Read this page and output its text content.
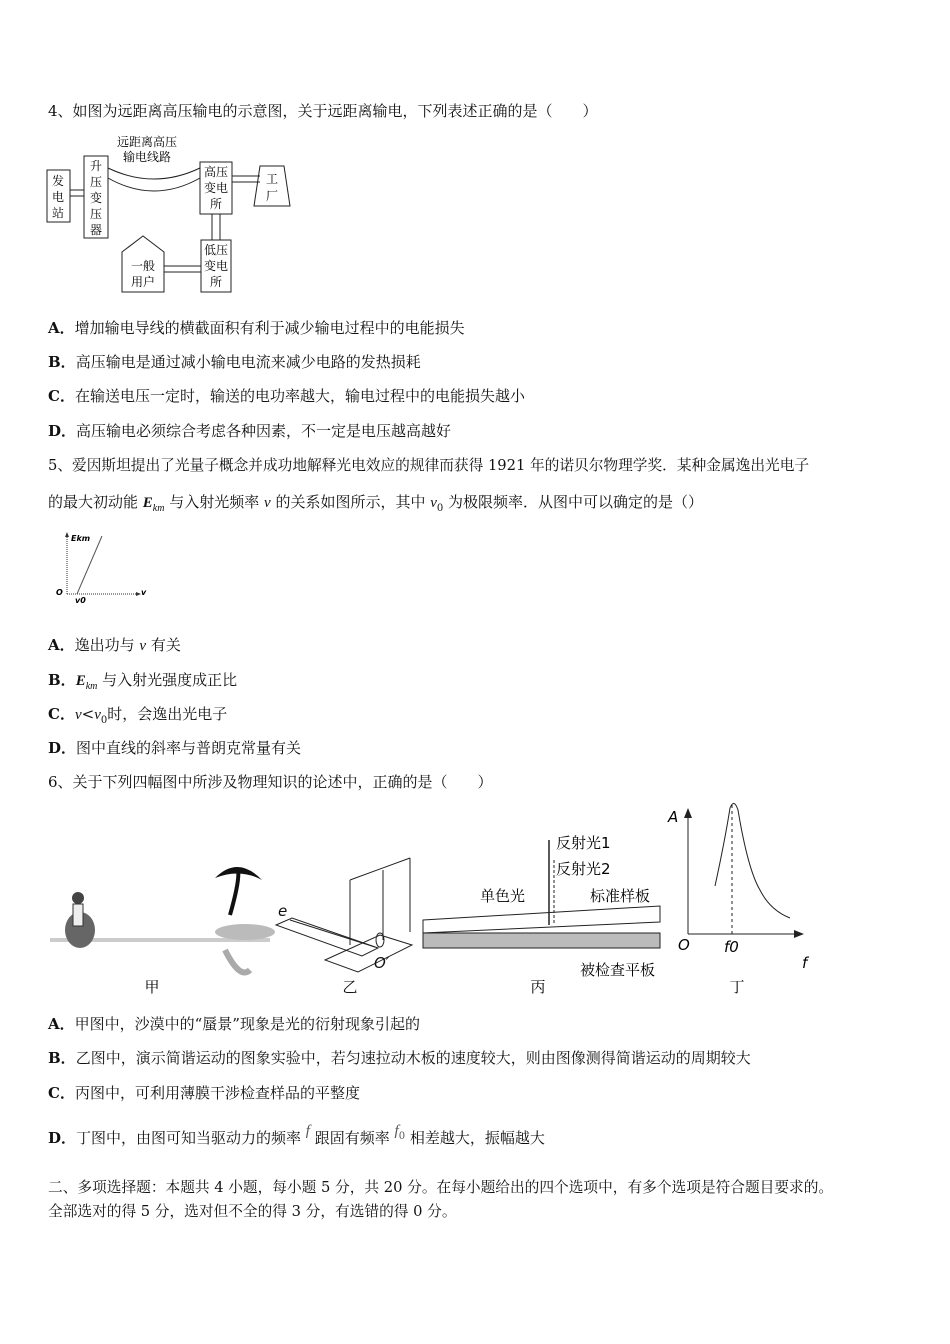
4、如图为远距离高压输电的示意图，关于远距离输电，下列表述正确的是（　　）
发
电
站
升
压
变
压
器
远距离高压
输电线路
高压
变电
所
工
厂
低压
变电
所
一般
用户
A．增加输电导线的横截面积有利于减少输电过程中的电能损失
B．高压输电是通过减小输电电流来减少电路的发热损耗
C．在输送电压一定时，输送的电功率越大，输电过程中的电能损失越小
D．高压输电必须综合考虑各种因素，不一定是电压越高越好
5、爱因斯坦提出了光量子概念并成功地解释光电效应的规律而获得 1921 年的诺贝尔物理学奖．某种金属逸出光电子
的最大初动能 $E_{km}$ 与入射光频率 v 的关系如图所示，其中 $v_0$ 为极限频率．从图中可以确定的是（）
Ekm
O	v
v0
A．逸出功与 v 有关
B．$E_{km}$ 与入射光强度成正比
C．$v<v_0$时，会逸出光电子
D．图中直线的斜率与普朗克常量有关
6、关于下列四幅图中所涉及物理知识的论述中，正确的是（　　）
甲
e
O′
乙
反射光1
反射光2
单色光	标准样板
被检查平板
丙
A
O f0
f
丁
A．甲图中，沙漠中的“蜃景”现象是光的衍射现象引起的
B．乙图中，演示简谐运动的图象实验中，若匀速拉动木板的速度较大，则由图像测得简谐运动的周期较大
C．丙图中，可利用薄膜干涉检查样品的平整度
D．丁图中，由图可知当驱动力的频率 f 跟固有频率 $f_0$ 相差越大，振幅越大
二、多项选择题：本题共 4 小题，每小题 5 分，共 20 分。在每小题给出的四个选项中，有多个选项是符合题目要求的。
全部选对的得 5 分，选对但不全的得 3 分，有选错的得 0 分。
